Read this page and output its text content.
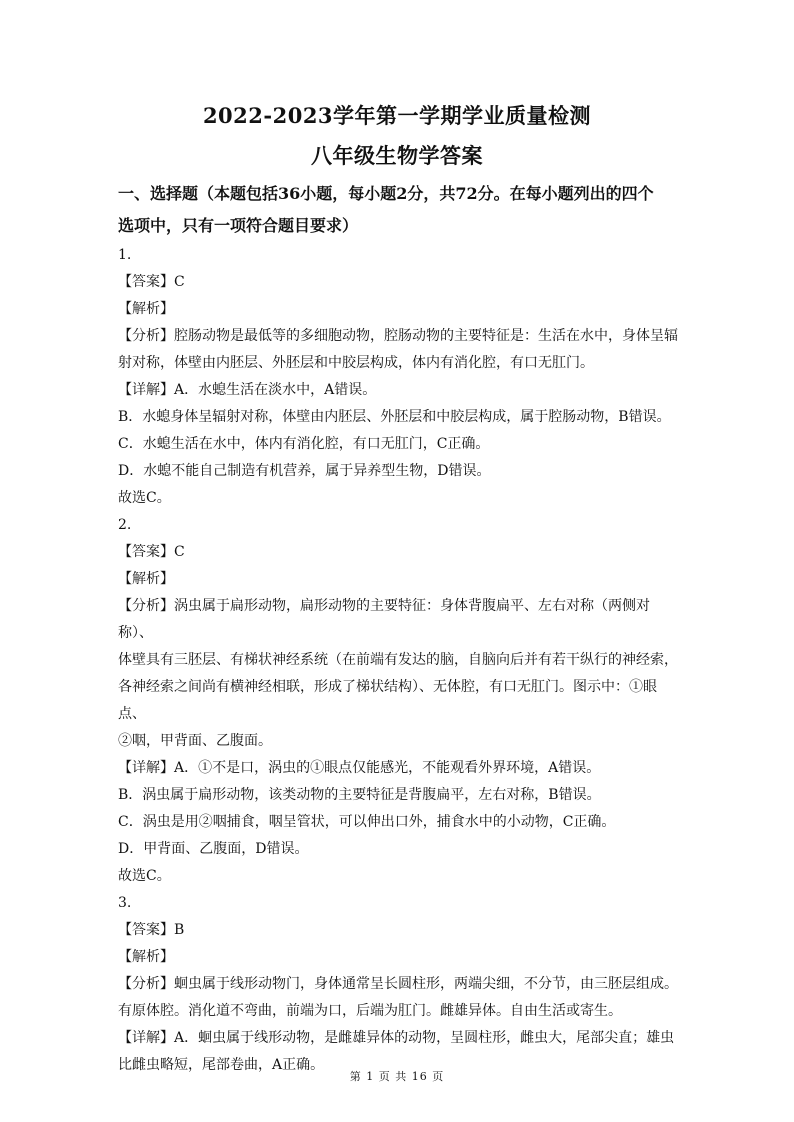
2022-2023学年第一学期学业质量检测
八年级生物学答案
一、选择题（本题包括36小题，每小题2分，共72分。在每小题列出的四个
选项中，只有一项符合题目要求）

1.

【答案】C

【解析】

【分析】腔肠动物是最低等的多细胞动物，腔肠动物的主要特征是：生活在水中，身体呈辐

射对称，体壁由内胚层、外胚层和中胶层构成，体内有消化腔，有口无肛门。

【详解】A．水螅生活在淡水中，A错误。

B．水螅身体呈辐射对称，体壁由内胚层、外胚层和中胶层构成，属于腔肠动物，B错误。

C．水螅生活在水中，体内有消化腔，有口无肛门，C正确。

D．水螅不能自己制造有机营养，属于异养型生物，D错误。

故选C。

2.

【答案】C

【解析】

【分析】涡虫属于扁形动物，扁形动物的主要特征：身体背腹扁平、左右对称（两侧对称）、

体壁具有三胚层、有梯状神经系统（在前端有发达的脑，自脑向后并有若干纵行的神经索，

各神经索之间尚有横神经相联，形成了梯状结构）、无体腔，有口无肛门。图示中：①眼点、

②咽，甲背面、乙腹面。

【详解】A．①不是口，涡虫的①眼点仅能感光，不能观看外界环境，A错误。

B．涡虫属于扁形动物，该类动物的主要特征是背腹扁平，左右对称，B错误。

C．涡虫是用②咽捕食，咽呈管状，可以伸出口外，捕食水中的小动物，C正确。

D．甲背面、乙腹面，D错误。

故选C。

3.

【答案】B

【解析】

【分析】蛔虫属于线形动物门，身体通常呈长圆柱形，两端尖细，不分节，由三胚层组成。

有原体腔。消化道不弯曲，前端为口，后端为肛门。雌雄异体。自由生活或寄生。

【详解】A．蛔虫属于线形动物，是雌雄异体的动物，呈圆柱形，雌虫大，尾部尖直；雄虫

比雌虫略短，尾部卷曲，A正确。

第 1 页 共 16 页
